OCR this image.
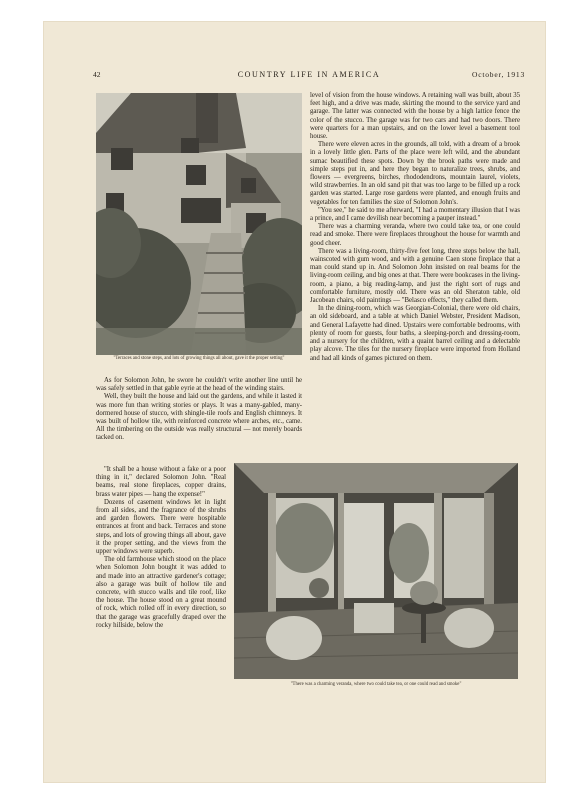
42	COUNTRY LIFE IN AMERICA	October, 1913
"Terraces and stone steps, and lots of growing things all about, gave it the proper setting"

level of vision from the house windows. A retaining wall was built, about 35 feet high, and a drive was made, skirting the mound to the service yard and garage. The latter was connected with the house by a high lattice fence the color of the stucco. The garage was for two cars and had two doors. There were quarters for a man upstairs, and on the lower level a basement tool house.

There were eleven acres in the grounds, all told, with a dream of a brook in a lovely little glen. Parts of the place were left wild, and the abundant sumac beautified these spots. Down by the brook paths were made and simple steps put in, and here they began to naturalize trees, shrubs, and flowers — evergreens, birches, rhododendrons, mountain laurel, violets, wild strawberries. In an old sand pit that was too large to be filled up a rock garden was started. Large rose gardens were planted, and enough fruits and vegetables for ten families the size of Solomon John's.

"You see," he said to me afterward, "I had a momentary illusion that I was a prince, and I came devilish near becoming a pauper instead."

There was a charming veranda, where two could take tea, or one could read and smoke. There were fireplaces throughout the house for warmth and good cheer.

There was a living-room, thirty-five feet long, three steps below the hall, wainscoted with gum wood, and with a genuine Caen stone fireplace that a man could stand up in. And Solomon John insisted on real beams for the living-room ceiling, and big ones at that. There were bookcases in the living-room, a piano, a big reading-lamp, and just the right sort of rugs and comfortable furniture, mostly old. There was an old Sheraton table, old Jacobean chairs, old paintings — "Belasco effects," they called them.

In the dining-room, which was Georgian-Colonial, there were old chairs, an old sideboard, and a table at which Daniel Webster, President Madison, and General Lafayette had dined. Upstairs were comfortable bedrooms, with plenty of room for guests, four baths, a sleeping-porch and dressing-room, and a nursery for the children, with a quaint barrel ceiling and a delectable play alcove. The tiles for the nursery fireplace were imported from Holland and had all kinds of games pictured on them.

As for Solomon John, he swore he couldn't write another line until he was safely settled in that gable eyrie at the head of the winding stairs.

Well, they built the house and laid out the gardens, and while it lasted it was more fun than writing stories or plays. It was a many-gabled, many-dormered house of stucco, with shingle-tile roofs and English chimneys. It was built of hollow tile, with reinforced concrete where arches, etc., came. All the timbering on the outside was really structural — not merely boards tacked on.

"It shall be a house without a fake or a poor thing in it," declared Solomon John. "Real beams, real stone fireplaces, copper drains, brass water pipes — hang the expense!"

Dozens of casement windows let in light from all sides, and the fragrance of the shrubs and garden flowers. There were hospitable entrances at front and back. Terraces and stone steps, and lots of growing things all about, gave it the proper setting, and the views from the upper windows were superb.

The old farmhouse which stood on the place when Solomon John bought it was added to and made into an attractive gardener's cottage; also a garage was built of hollow tile and concrete, with stucco walls and tile roof, like the house. The house stood on a great mound of rock, which rolled off in every direction, so that the garage was gracefully draped over the rocky hillside, below the

"There was a charming veranda, where two could take tea, or one could read and smoke"
